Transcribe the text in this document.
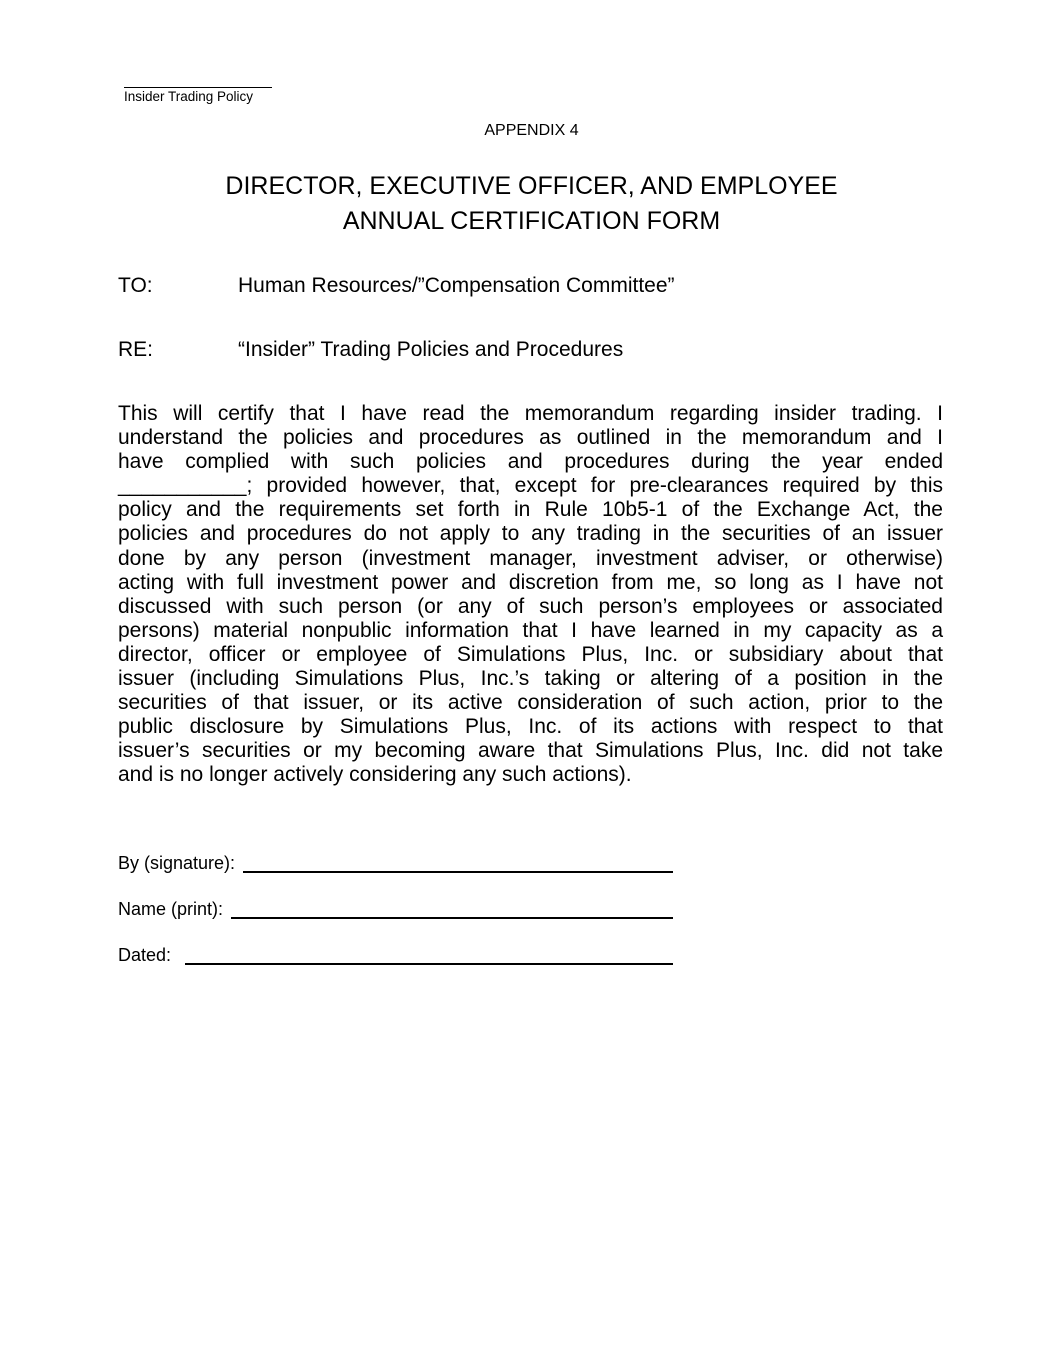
Insider Trading Policy
APPENDIX 4
DIRECTOR, EXECUTIVE OFFICER, AND EMPLOYEE
ANNUAL CERTIFICATION FORM
TO:	Human Resources/”Compensation Committee”
RE:	“Insider” Trading Policies and Procedures
This will certify that I have read the memorandum regarding insider trading. I
understand the policies and procedures as outlined in the memorandum and I
have complied with such policies and procedures during the year ended
___________; provided however, that, except for pre-clearances required by this
policy and the requirements set forth in Rule 10b5-1 of the Exchange Act, the
policies and procedures do not apply to any trading in the securities of an issuer
done by any person (investment manager, investment adviser, or otherwise)
acting with full investment power and discretion from me, so long as I have not
discussed with such person (or any of such person’s employees or associated
persons) material nonpublic information that I have learned in my capacity as a
director, officer or employee of Simulations Plus, Inc. or subsidiary about that
issuer (including Simulations Plus, Inc.’s taking or altering of a position in the
securities of that issuer, or its active consideration of such action, prior to the
public disclosure by Simulations Plus, Inc. of its actions with respect to that
issuer’s securities or my becoming aware that Simulations Plus, Inc. did not take
and is no longer actively considering any such actions).
By (signature):
Name (print):
Dated:
